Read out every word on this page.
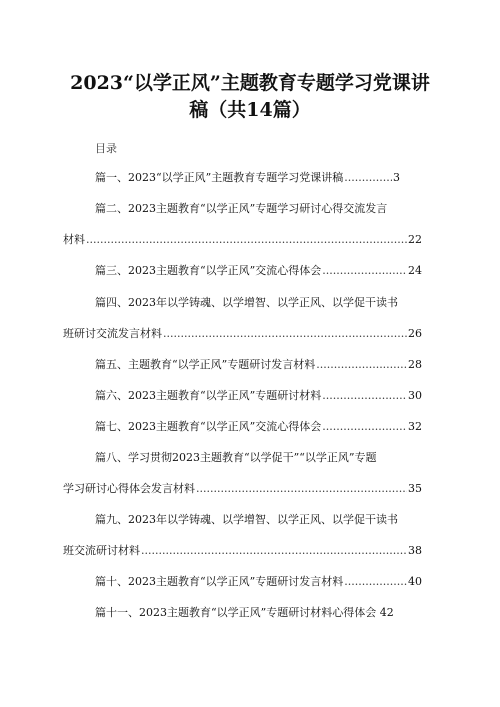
2023“以学正风”主题教育专题学习党课讲
稿（共14篇）
目录
篇一、2023“以学正风”主题教育专题学习党课讲稿 .....	3
篇二、2023主题教育“以学正风”专题学习研讨心得交流发言
材料 .....	22
篇三、2023主题教育“以学正风”交流心得体会 .....	24
篇四、2023年以学铸魂、以学增智、以学正风、以学促干读书
班研讨交流发言材料 .....	26
篇五、主题教育“以学正风”专题研讨发言材料 .....	28
篇六、2023主题教育“以学正风”专题研讨材料 .....	30
篇七、2023主题教育“以学正风”交流心得体会 .....	32
篇八、学习贯彻2023主题教育“以学促干”“以学正风”专题
学习研讨心得体会发言材料 .....	35
篇九、2023年以学铸魂、以学增智、以学正风、以学促干读书
班交流研讨材料 .....	38
篇十、2023主题教育“以学正风”专题研讨发言材料 .....	40
篇十一、2023主题教育“以学正风”专题研讨材料心得体会 42
